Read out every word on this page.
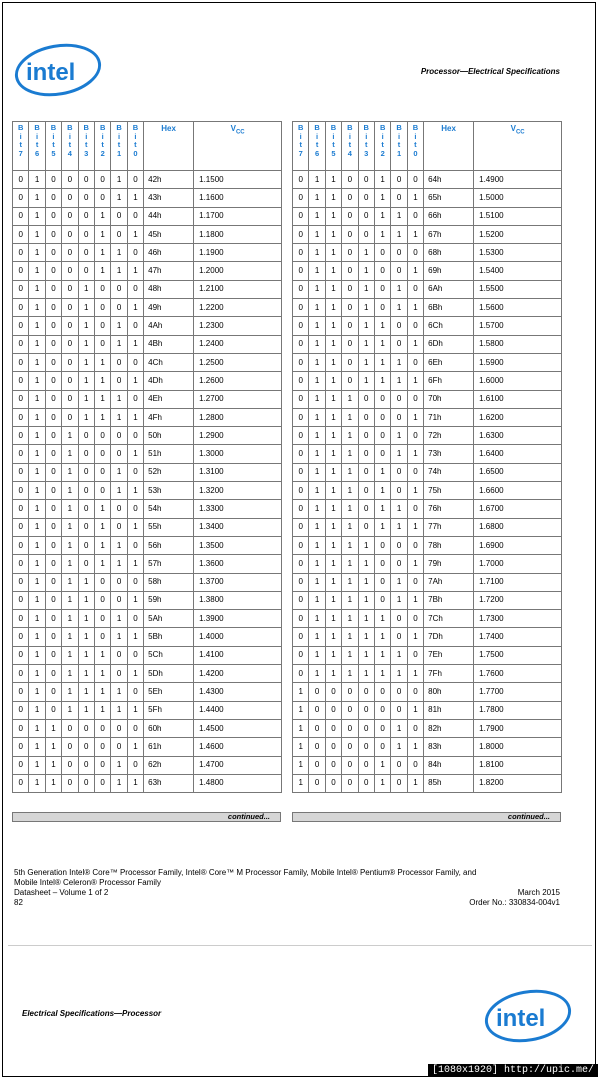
intel	Processor—Electrical Specifications
B
i
t
7	B
i
t
6	B
i
t
5	B
i
t
4	B
i
t
3	B
i
t
2	B
i
t
1	B
i
t
0	Hex	$V_{CC}$
0	1	0	0	0	0	1	0	42h	1.1500
0	1	0	0	0	0	1	1	43h	1.1600
0	1	0	0	0	1	0	0	44h	1.1700
0	1	0	0	0	1	0	1	45h	1.1800
0	1	0	0	0	1	1	0	46h	1.1900
0	1	0	0	0	1	1	1	47h	1.2000
0	1	0	0	1	0	0	0	48h	1.2100
0	1	0	0	1	0	0	1	49h	1.2200
0	1	0	0	1	0	1	0	4Ah	1.2300
0	1	0	0	1	0	1	1	4Bh	1.2400
0	1	0	0	1	1	0	0	4Ch	1.2500
0	1	0	0	1	1	0	1	4Dh	1.2600
0	1	0	0	1	1	1	0	4Eh	1.2700
0	1	0	0	1	1	1	1	4Fh	1.2800
0	1	0	1	0	0	0	0	50h	1.2900
0	1	0	1	0	0	0	1	51h	1.3000
0	1	0	1	0	0	1	0	52h	1.3100
0	1	0	1	0	0	1	1	53h	1.3200
0	1	0	1	0	1	0	0	54h	1.3300
0	1	0	1	0	1	0	1	55h	1.3400
0	1	0	1	0	1	1	0	56h	1.3500
0	1	0	1	0	1	1	1	57h	1.3600
0	1	0	1	1	0	0	0	58h	1.3700
0	1	0	1	1	0	0	1	59h	1.3800
0	1	0	1	1	0	1	0	5Ah	1.3900
0	1	0	1	1	0	1	1	5Bh	1.4000
0	1	0	1	1	1	0	0	5Ch	1.4100
0	1	0	1	1	1	0	1	5Dh	1.4200
0	1	0	1	1	1	1	0	5Eh	1.4300
0	1	0	1	1	1	1	1	5Fh	1.4400
0	1	1	0	0	0	0	0	60h	1.4500
0	1	1	0	0	0	0	1	61h	1.4600
0	1	1	0	0	0	1	0	62h	1.4700
0	1	1	0	0	0	1	1	63h	1.4800
continued...
B
i
t
7	B
i
t
6	B
i
t
5	B
i
t
4	B
i
t
3	B
i
t
2	B
i
t
1	B
i
t
0	Hex	$V_{CC}$
0	1	1	0	0	1	0	0	64h	1.4900
0	1	1	0	0	1	0	1	65h	1.5000
0	1	1	0	0	1	1	0	66h	1.5100
0	1	1	0	0	1	1	1	67h	1.5200
0	1	1	0	1	0	0	0	68h	1.5300
0	1	1	0	1	0	0	1	69h	1.5400
0	1	1	0	1	0	1	0	6Ah	1.5500
0	1	1	0	1	0	1	1	6Bh	1.5600
0	1	1	0	1	1	0	0	6Ch	1.5700
0	1	1	0	1	1	0	1	6Dh	1.5800
0	1	1	0	1	1	1	0	6Eh	1.5900
0	1	1	0	1	1	1	1	6Fh	1.6000
0	1	1	1	0	0	0	0	70h	1.6100
0	1	1	1	0	0	0	1	71h	1.6200
0	1	1	1	0	0	1	0	72h	1.6300
0	1	1	1	0	0	1	1	73h	1.6400
0	1	1	1	0	1	0	0	74h	1.6500
0	1	1	1	0	1	0	1	75h	1.6600
0	1	1	1	0	1	1	0	76h	1.6700
0	1	1	1	0	1	1	1	77h	1.6800
0	1	1	1	1	0	0	0	78h	1.6900
0	1	1	1	1	0	0	1	79h	1.7000
0	1	1	1	1	0	1	0	7Ah	1.7100
0	1	1	1	1	0	1	1	7Bh	1.7200
0	1	1	1	1	1	0	0	7Ch	1.7300
0	1	1	1	1	1	0	1	7Dh	1.7400
0	1	1	1	1	1	1	0	7Eh	1.7500
0	1	1	1	1	1	1	1	7Fh	1.7600
1	0	0	0	0	0	0	0	80h	1.7700
1	0	0	0	0	0	0	1	81h	1.7800
1	0	0	0	0	0	1	0	82h	1.7900
1	0	0	0	0	0	1	1	83h	1.8000
1	0	0	0	0	1	0	0	84h	1.8100
1	0	0	0	0	1	0	1	85h	1.8200
continued...
5th Generation Intel® Core™ Processor Family, Intel® Core™ M Processor Family, Mobile Intel® Pentium® Processor Family, and
Mobile Intel® Celeron® Processor Family
Datasheet – Volume 1 of 2
82
March 2015
Order No.: 330834-004v1
Electrical Specifications—Processor	intel
[1080x1920] http://upic.me/
